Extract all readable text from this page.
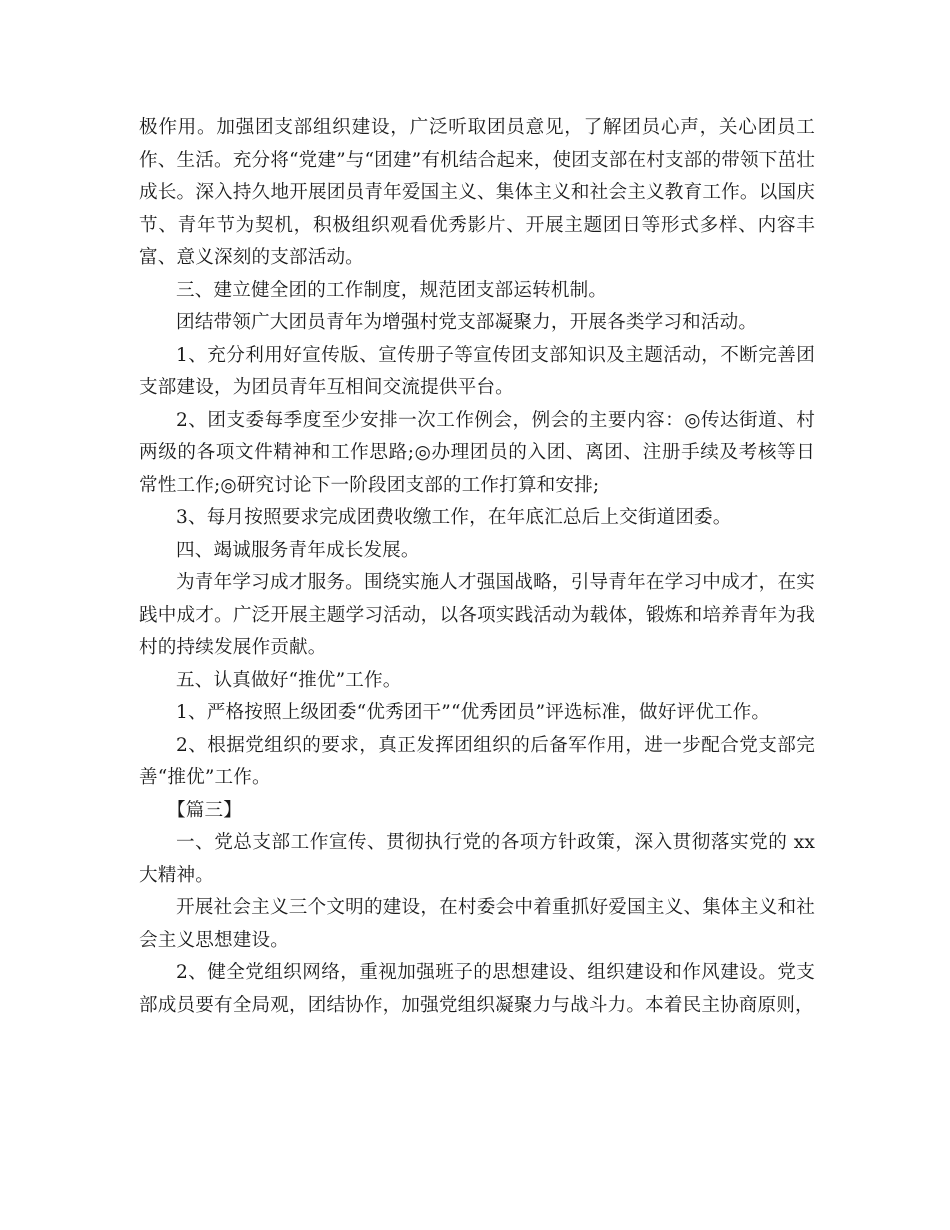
极作用。加强团支部组织建设，广泛听取团员意见，了解团员心声，关心团员工作、生活。充分将“党建”与“团建”有机结合起来，使团支部在村支部的带领下茁壮成长。深入持久地开展团员青年爱国主义、集体主义和社会主义教育工作。以国庆节、青年节为契机，积极组织观看优秀影片、开展主题团日等形式多样、内容丰富、意义深刻的支部活动。

三、建立健全团的工作制度，规范团支部运转机制。

团结带领广大团员青年为增强村党支部凝聚力，开展各类学习和活动。

1、充分利用好宣传版、宣传册子等宣传团支部知识及主题活动，不断完善团支部建设，为团员青年互相间交流提供平台。

2、团支委每季度至少安排一次工作例会，例会的主要内容：◎传达街道、村两级的各项文件精神和工作思路;◎办理团员的入团、离团、注册手续及考核等日常性工作;◎研究讨论下一阶段团支部的工作打算和安排;

3、每月按照要求完成团费收缴工作，在年底汇总后上交街道团委。

四、竭诚服务青年成长发展。

为青年学习成才服务。围绕实施人才强国战略，引导青年在学习中成才，在实践中成才。广泛开展主题学习活动，以各项实践活动为载体，锻炼和培养青年为我村的持续发展作贡献。

五、认真做好“推优”工作。

1、严格按照上级团委“优秀团干”“优秀团员”评选标准，做好评优工作。

2、根据党组织的要求，真正发挥团组织的后备军作用，进一步配合党支部完善“推优”工作。

【篇三】

一、党总支部工作宣传、贯彻执行党的各项方针政策，深入贯彻落实党的 xx 大精神。

开展社会主义三个文明的建设，在村委会中着重抓好爱国主义、集体主义和社会主义思想建设。

2、健全党组织网络，重视加强班子的思想建设、组织建设和作风建设。党支部成员要有全局观，团结协作，加强党组织凝聚力与战斗力。本着民主协商原则，
